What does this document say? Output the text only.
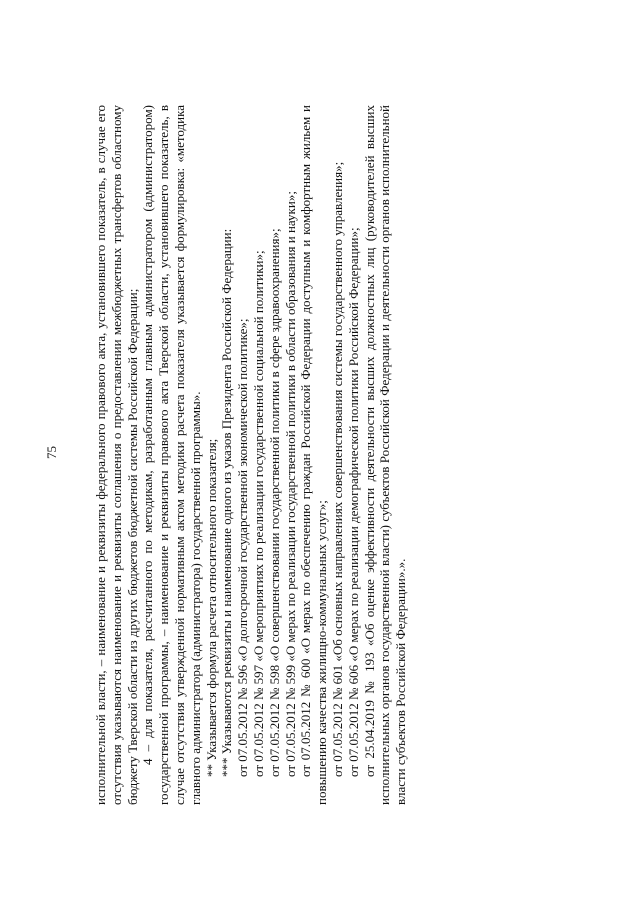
75	исполнительной власти, – наименование и реквизиты федерального правового акта, установившего показатель, в случае его отсутствия указываются наименование и реквизиты соглашения о предоставлении межбюджетных трансфертов областному бюджету Тверской области из других бюджетов бюджетной системы Российской Федерации; 4 – для показателя, рассчитанного по методикам, разработанным главным администратором (администратором) государственной программы, – наименование и реквизиты правового акта Тверской области, установившего показатель, в случае отсутствия утвержденной нормативным актом методики расчета показателя указывается формулировка: «методика главного администратора (администратора) государственной программы». ** Указывается формула расчета относительного показателя; *** Указываются реквизиты и наименование одного из указов Президента Российской Федерации: от 07.05.2012 № 596 «О долгосрочной государственной экономической политике»; от 07.05.2012 № 597 «О мероприятиях по реализации государственной социальной политики»; от 07.05.2012 № 598 «О совершенствовании государственной политики в сфере здравоохранения»; от 07.05.2012 № 599 «О мерах по реализации государственной политики в области образования и науки»; от 07.05.2012 № 600 «О мерах по обеспечению граждан Российской Федерации доступным и комфортным жильем и повышению качества жилищно-коммунальных услуг»; от 07.05.2012 № 601 «Об основных направлениях совершенствования системы государственного управления»; от 07.05.2012 № 606 «О мерах по реализации демографической политики Российской Федерации»; от 25.04.2019 № 193 «Об оценке эффективности деятельности высших должностных лиц (руководителей высших исполнительных органов государственной власти) субъектов Российской Федерации и деятельности органов исполнительной власти субъектов Российской Федерации».».
